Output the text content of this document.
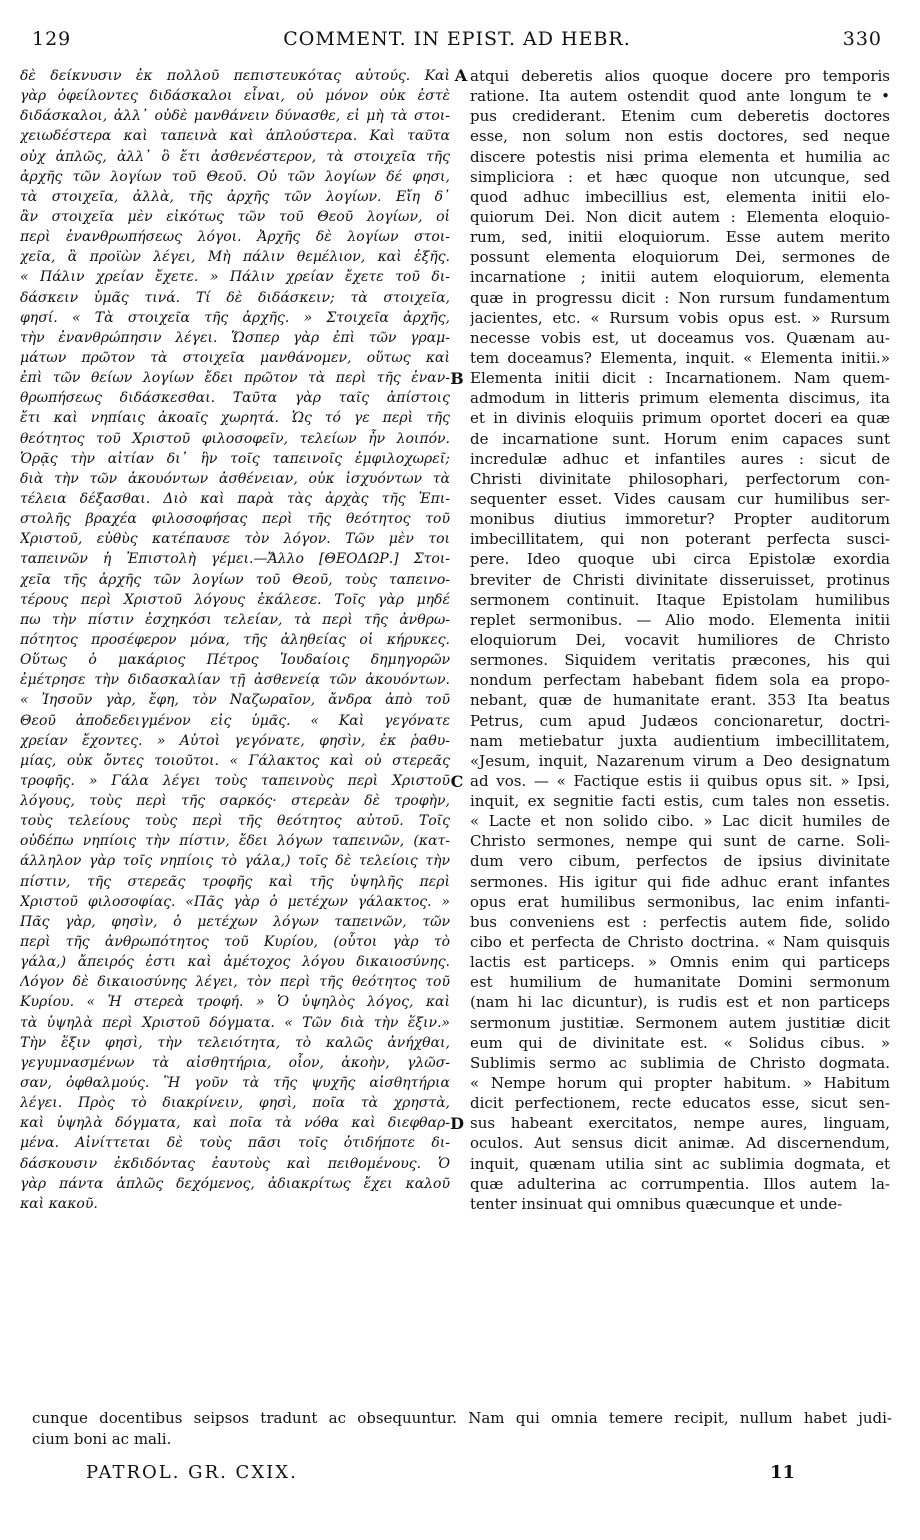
129	COMMENT. IN EPIST. AD HEBR.	330
δὲ δείκνυσιν ἐκ πολλοῦ πεπιστευκότας αὐτούς. Καὶ
γὰρ ὀφείλοντες διδάσκαλοι εἶναι, οὐ μόνον οὐκ ἐστὲ
διδάσκαλοι, ἀλλ᾽ οὐδὲ μανθάνειν δύνασθε, εἰ μὴ τὰ στοι-
χειωδέστερα καὶ ταπεινὰ καὶ ἁπλούστερα. Καὶ ταῦτα
οὐχ ἁπλῶς, ἀλλ᾽ ὃ ἔτι ἀσθενέστερον, τὰ στοιχεῖα τῆς
ἀρχῆς τῶν λογίων τοῦ Θεοῦ. Οὐ τῶν λογίων δέ φησι,
τὰ στοιχεῖα, ἀλλὰ, τῆς ἀρχῆς τῶν λογίων. Εἴη δ᾽
ἂν στοιχεῖα μὲν εἰκότως τῶν τοῦ Θεοῦ λογίων, οἱ
περὶ ἐνανθρωπήσεως λόγοι. Ἀρχῆς δὲ λογίων στοι-
χεῖα, ἃ προϊὼν λέγει, Μὴ πάλιν θεμέλιον, καὶ ἑξῆς.
« Πάλιν χρείαν ἔχετε. » Πάλιν χρείαν ἔχετε τοῦ δι-
δάσκειν ὑμᾶς τινά. Τί δὲ διδάσκειν; τὰ στοιχεῖα,
φησί. « Τὰ στοιχεῖα τῆς ἀρχῆς. » Στοιχεῖα ἀρχῆς,
τὴν ἐνανθρώπησιν λέγει. Ὥσπερ γὰρ ἐπὶ τῶν γραμ-
μάτων πρῶτον τὰ στοιχεῖα μανθάνομεν, οὕτως καὶ
ἐπὶ τῶν θείων λογίων ἔδει πρῶτον τὰ περὶ τῆς ἐναν-
θρωπήσεως διδάσκεσθαι. Ταῦτα γὰρ ταῖς ἀπίστοις
ἔτι καὶ νηπίαις ἀκοαῖς χωρητά. Ὡς τό γε περὶ τῆς
θεότητος τοῦ Χριστοῦ φιλοσοφεῖν, τελείων ἦν λοιπόν.
Ὁρᾷς τὴν αἰτίαν δι᾽ ἣν τοῖς ταπεινοῖς ἐμφιλοχωρεῖ;
διὰ τὴν τῶν ἀκουόντων ἀσθένειαν, οὐκ ἰσχυόντων τὰ
τέλεια δέξασθαι. Διὸ καὶ παρὰ τὰς ἀρχὰς τῆς Ἐπι-
στολῆς βραχέα φιλοσοφήσας περὶ τῆς θεότητος τοῦ
Χριστοῦ, εὐθὺς κατέπαυσε τὸν λόγον. Τῶν μὲν τοι
ταπεινῶν ἡ Ἐπιστολὴ γέμει.—Ἄλλο [ΘΕΟΔΩΡ.] Στοι-
χεῖα τῆς ἀρχῆς τῶν λογίων τοῦ Θεοῦ, τοὺς ταπεινο-
τέρους περὶ Χριστοῦ λόγους ἐκάλεσε. Τοῖς γὰρ μηδέ
πω τὴν πίστιν ἐσχηκόσι τελείαν, τὰ περὶ τῆς ἀνθρω-
πότητος προσέφερον μόνα, τῆς ἀληθείας οἱ κήρυκες.
Οὕτως ὁ μακάριος Πέτρος Ἰουδαίοις δημηγορῶν
ἐμέτρησε τὴν διδασκαλίαν τῇ ἀσθενείᾳ τῶν ἀκουόντων.
« Ἰησοῦν γὰρ, ἔφη, τὸν Ναζωραῖον, ἄνδρα ἀπὸ τοῦ
Θεοῦ ἀποδεδειγμένον εἰς ὑμᾶς. « Καὶ γεγόνατε
χρείαν ἔχοντες. » Αὐτοὶ γεγόνατε, φησὶν, ἐκ ῥαθυ-
μίας, οὐκ ὄντες τοιοῦτοι. « Γάλακτος καὶ οὐ στερεᾶς
τροφῆς. » Γάλα λέγει τοὺς ταπεινοὺς περὶ Χριστοῦ
λόγους, τοὺς περὶ τῆς σαρκός· στερεὰν δὲ τροφὴν,
τοὺς τελείους τοὺς περὶ τῆς θεότητος αὐτοῦ. Τοῖς
οὐδέπω νηπίοις τὴν πίστιν, ἔδει λόγων ταπεινῶν, (κατ-
άλληλον γὰρ τοῖς νηπίοις τὸ γάλα,) τοῖς δὲ τελείοις τὴν
πίστιν, τῆς στερεᾶς τροφῆς καὶ τῆς ὑψηλῆς περὶ
Χριστοῦ φιλοσοφίας. «Πᾶς γὰρ ὁ μετέχων γάλακτος. »
Πᾶς γὰρ, φησὶν, ὁ μετέχων λόγων ταπεινῶν, τῶν
περὶ τῆς ἀνθρωπότητος τοῦ Κυρίου, (οὗτοι γὰρ τὸ
γάλα,) ἄπειρός ἐστι καὶ ἀμέτοχος λόγου δικαιοσύνης.
Λόγον δὲ δικαιοσύνης λέγει, τὸν περὶ τῆς θεότητος τοῦ
Κυρίου. « Ἡ στερεὰ τροφή. » Ὁ ὑψηλὸς λόγος, καὶ
τὰ ὑψηλὰ περὶ Χριστοῦ δόγματα. « Τῶν διὰ τὴν ἕξιν.»
Τὴν ἕξιν φησὶ, τὴν τελειότητα, τὸ καλῶς ἀνήχθαι,
γεγυμνασμένων τὰ αἰσθητήρια, οἷον, ἀκοὴν, γλῶσ-
σαν, ὀφθαλμούς. Ἢ γοῦν τὰ τῆς ψυχῆς αἰσθητήρια
λέγει. Πρὸς τὸ διακρίνειν, φησὶ, ποῖα τὰ χρηστὰ,
καὶ ὑψηλὰ δόγματα, καὶ ποῖα τὰ νόθα καὶ διεφθαρ-
μένα. Αἰνίττεται δὲ τοὺς πᾶσι τοῖς ὁτιδήποτε δι-
δάσκουσιν ἐκδιδόντας ἑαυτοὺς καὶ πειθομένους. Ὁ
γὰρ πάντα ἁπλῶς δεχόμενος, ἀδιακρίτως ἔχει καλοῦ
καὶ κακοῦ.
atqui deberetis alios quoque docere pro temporis
ratione. Ita autem ostendit quod ante longum te •
pus crediderant. Etenim cum deberetis doctores
esse, non solum non estis doctores, sed neque
discere potestis nisi prima elementa et humilia ac
simpliciora : et hæc quoque non utcunque, sed
quod adhuc imbecillius est, elementa initii elo-
quiorum Dei. Non dicit autem : Elementa eloquio-
rum, sed, initii eloquiorum. Esse autem merito
possunt elementa eloquiorum Dei, sermones de
incarnatione ; initii autem eloquiorum, elementa
quæ in progressu dicit : Non rursum fundamentum
jacientes, etc. « Rursum vobis opus est. » Rursum
necesse vobis est, ut doceamus vos. Quænam au-
tem doceamus? Elementa, inquit. « Elementa initii.»
Elementa initii dicit : Incarnationem. Nam quem-
admodum in litteris primum elementa discimus, ita
et in divinis eloquiis primum oportet doceri ea quæ
de incarnatione sunt. Horum enim capaces sunt
incredulæ adhuc et infantiles aures : sicut de
Christi divinitate philosophari, perfectorum con-
sequenter esset. Vides causam cur humilibus ser-
monibus diutius immoretur? Propter auditorum
imbecillitatem, qui non poterant perfecta susci-
pere. Ideo quoque ubi circa Epistolæ exordia
breviter de Christi divinitate disseruisset, protinus
sermonem continuit. Itaque Epistolam humilibus
replet sermonibus. — Alio modo. Elementa initii
eloquiorum Dei, vocavit humiliores de Christo
sermones. Siquidem veritatis præcones, his qui
nondum perfectam habebant fidem sola ea propo-
nebant, quæ de humanitate erant. 353 Ita beatus
Petrus, cum apud Judæos concionaretur, doctri-
nam metiebatur juxta audientium imbecillitatem,
«Jesum, inquit, Nazarenum virum a Deo designatum
ad vos. — « Factique estis ii quibus opus sit. » Ipsi,
inquit, ex segnitie facti estis, cum tales non essetis.
« Lacte et non solido cibo. » Lac dicit humiles de
Christo sermones, nempe qui sunt de carne. Soli-
dum vero cibum, perfectos de ipsius divinitate
sermones. His igitur qui fide adhuc erant infantes
opus erat humilibus sermonibus, lac enim infanti-
bus conveniens est : perfectis autem fide, solido
cibo et perfecta de Christo doctrina. « Nam quisquis
lactis est particeps. » Omnis enim qui particeps
est humilium de humanitate Domini sermonum
(nam hi lac dicuntur), is rudis est et non particeps
sermonum justitiæ. Sermonem autem justitiæ dicit
eum qui de divinitate est. « Solidus cibus. »
Sublimis sermo ac sublimia de Christo dogmata.
« Nempe horum qui propter habitum. » Habitum
dicit perfectionem, recte educatos esse, sicut sen-
sus habeant exercitatos, nempe aures, linguam,
oculos. Aut sensus dicit animæ. Ad discernendum,
inquit, quænam utilia sint ac sublimia dogmata, et
quæ adulterina ac corrumpentia. Illos autem la-
tenter insinuat qui omnibus quæcunque et unde-
A
B
C
D
cunque docentibus seipsos tradunt ac obsequuntur. Nam qui omnia temere recipit, nullum habet judi-
cium boni ac mali.
PATROL. GR. CXIX.	11
